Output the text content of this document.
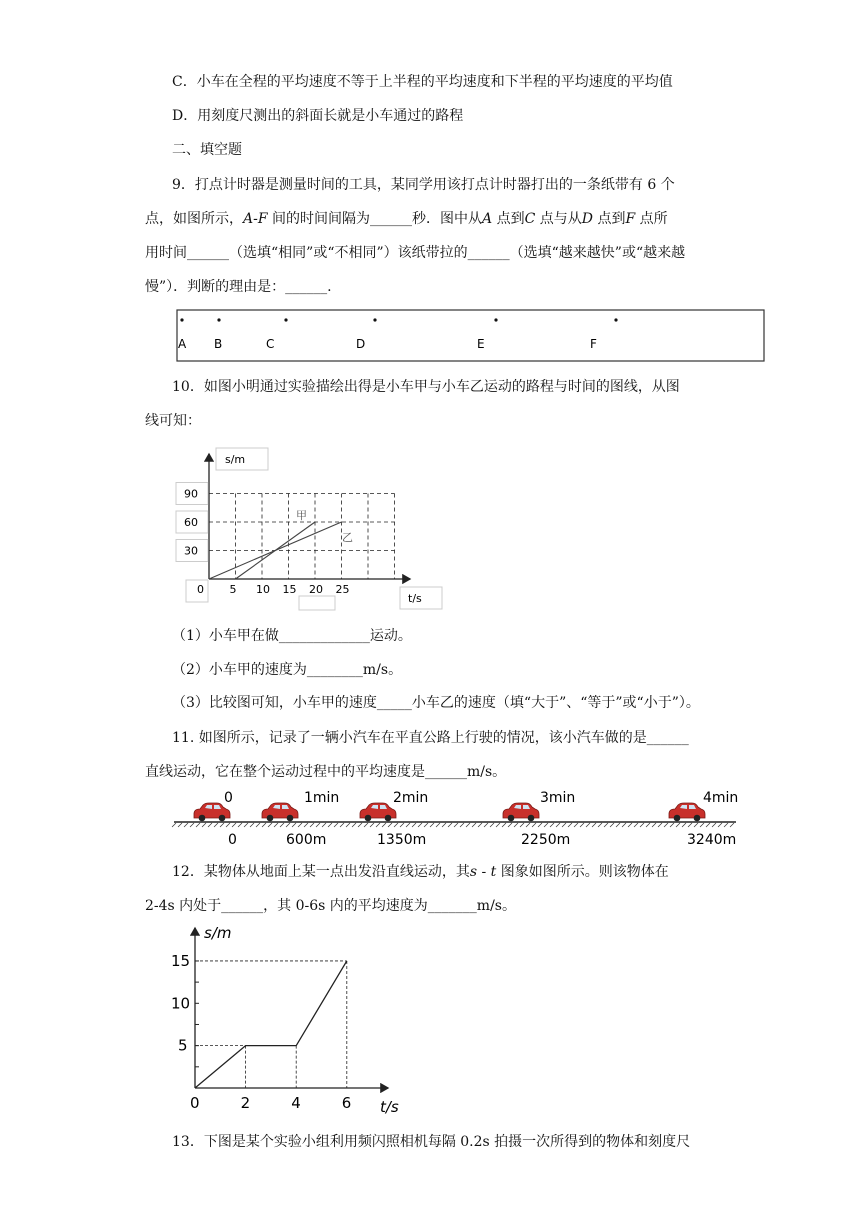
C．小车在全程的平均速度不等于上半程的平均速度和下半程的平均速度的平均值
D．用刻度尺测出的斜面长就是小车通过的路程
二、填空题
9．打点计时器是测量时间的工具，某同学用该打点计时器打出的一条纸带有 6 个
点，如图所示，A-F 间的时间间隔为______秒．图中从A 点到C 点与从D 点到F 点所
用时间______（选填“相同”或“不相同”）该纸带拉的______（选填“越来越快”或“越来越
慢”）．判断的理由是：______.
A B	C	D	E	F
10．如图小明通过实验描绘出得是小车甲与小车乙运动的路程与时间的图线，从图
线可知：
s/m
t/s
90
60
30
0 5 10 15 20 25
甲
乙
（1）小车甲在做_____________运动。
（2）小车甲的速度为________m/s。
（3）比较图可知，小车甲的速度_____小车乙的速度（填“大于”、“等于”或“小于”）。
11. 如图所示，记录了一辆小汽车在平直公路上行驶的情况，该小汽车做的是______
直线运动，它在整个运动过程中的平均速度是______m/s。
0
0
1min
600m
2min
1350m
3min
2250m
4min
3240m
12．某物体从地面上某一点出发沿直线运动，其s - t 图象如图所示。则该物体在
2-4s 内处于______，其 0-6s 内的平均速度为_______m/s。
s/m
t/s
5
10
15
0	2	4	6
13．下图是某个实验小组利用频闪照相机每隔 0.2s 拍摄一次所得到的物体和刻度尺
